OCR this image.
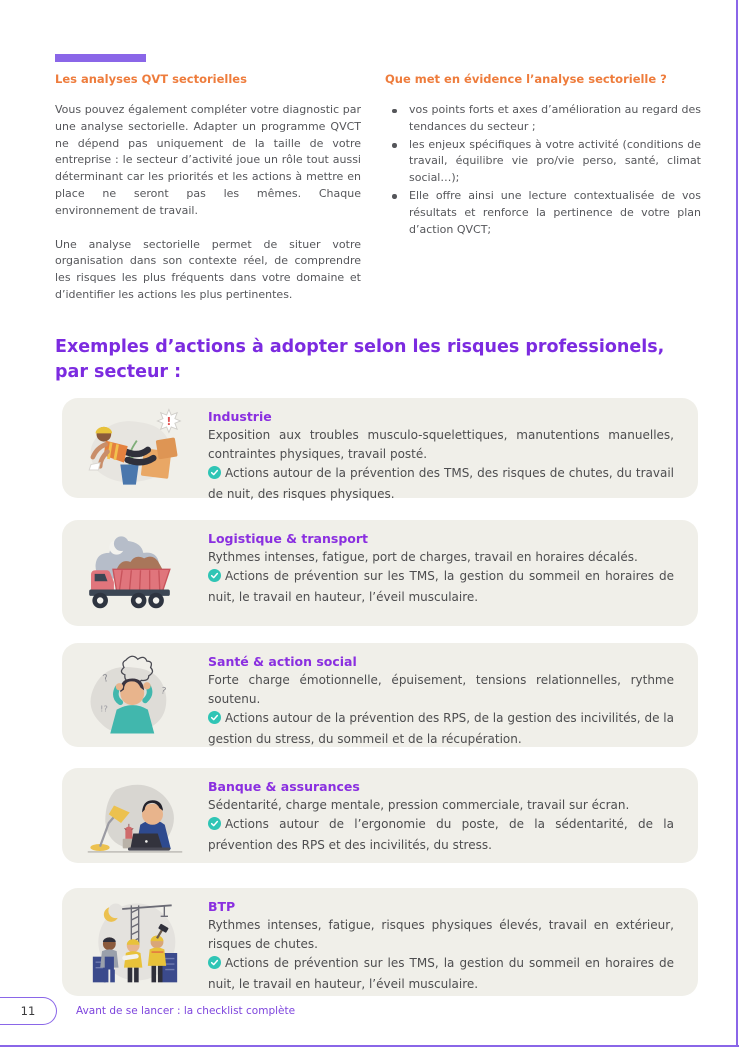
Les analyses QVT sectorielles

Vous pouvez également compléter votre diagnostic par une analyse sectorielle. Adapter un programme QVCT ne dépend pas uniquement de la taille de votre entreprise : le secteur d’activité joue un rôle tout aussi déterminant car les priorités et les actions à mettre en place ne seront pas les mêmes. Chaque environnement de travail.

Une analyse sectorielle permet de situer votre organisation dans son contexte réel, de comprendre les risques les plus fréquents dans votre domaine et d’identifier les actions les plus pertinentes.

Que met en évidence l’analyse sectorielle ?
vos points forts et axes d’amélioration au regard des tendances du secteur ;
les enjeux spécifiques à votre activité (conditions de travail, équilibre vie pro/vie perso, santé, climat social…);
Elle offre ainsi une lecture contextualisée de vos résultats et renforce la pertinence de votre plan d’action QVCT;
Exemples d’actions à adopter selon les risques professionels,
par secteur :
!	Industrie

Exposition aux troubles musculo-squelettiques, manutentions manuelles, contraintes physiques, travail posté.

Actions autour de la prévention des TMS, des risques de chutes, du travail de nuit, des risques physiques.

Logistique & transport

Rythmes intenses, fatigue, port de charges, travail en horaires décalés.

Actions de prévention sur les TMS, la gestion du sommeil en horaires de nuit, le travail en hauteur, l’éveil musculaire.

?
?
!?

Santé & action social

Forte charge émotionnelle, épuisement, tensions relationnelles, rythme soutenu.

Actions autour de la prévention des RPS, de la gestion des incivilités, de la gestion du stress, du sommeil et de la récupération.

Banque & assurances

Sédentarité, charge mentale, pression commerciale, travail sur écran.

Actions autour de l’ergonomie du poste, de la sédentarité, de la prévention des RPS et des incivilités, du stress.

BTP

Rythmes intenses, fatigue, risques physiques élevés, travail en extérieur, risques de chutes.

Actions de prévention sur les TMS, la gestion du sommeil en horaires de nuit, le travail en hauteur, l’éveil musculaire.

11	Avant de se lancer : la checklist complète
